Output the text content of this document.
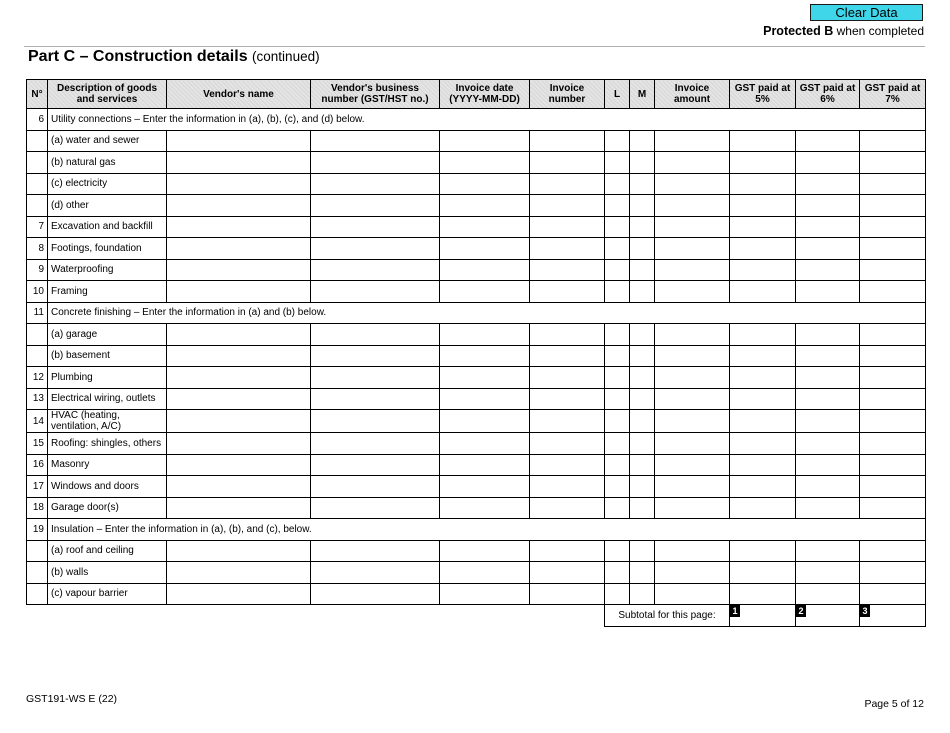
Clear Data
Protected B when completed
Part C – Construction details (continued)
N°	Description of goods and services	Vendor's name	Vendor's business number (GST/HST no.)	Invoice date (YYYY-MM-DD)	Invoice number	L	M	Invoice amount	GST paid at 5%	GST paid at 6%	GST paid at 7%
6	Utility connections – Enter the information in (a), (b), (c), and (d) below.										
	(a) water and sewer										
	(b) natural gas										
	(c) electricity										
	(d) other										
7	Excavation and backfill										
8	Footings, foundation										
9	Waterproofing										
10	Framing										
11	Concrete finishing – Enter the information in (a) and (b) below.										
	(a) garage										
	(b) basement										
12	Plumbing										
13	Electrical wiring, outlets										
14	HVAC (heating, ventilation, A/C)										
15	Roofing: shingles, others										
16	Masonry										
17	Windows and doors										
18	Garage door(s)										
19	Insulation – Enter the information in (a), (b), and (c), below.										
	(a) roof and ceiling										
	(b) walls										
	(c) vapour barrier										
						Subtotal for this page:			1	2	3
GST191-WS E (22)	Page 5 of 12
